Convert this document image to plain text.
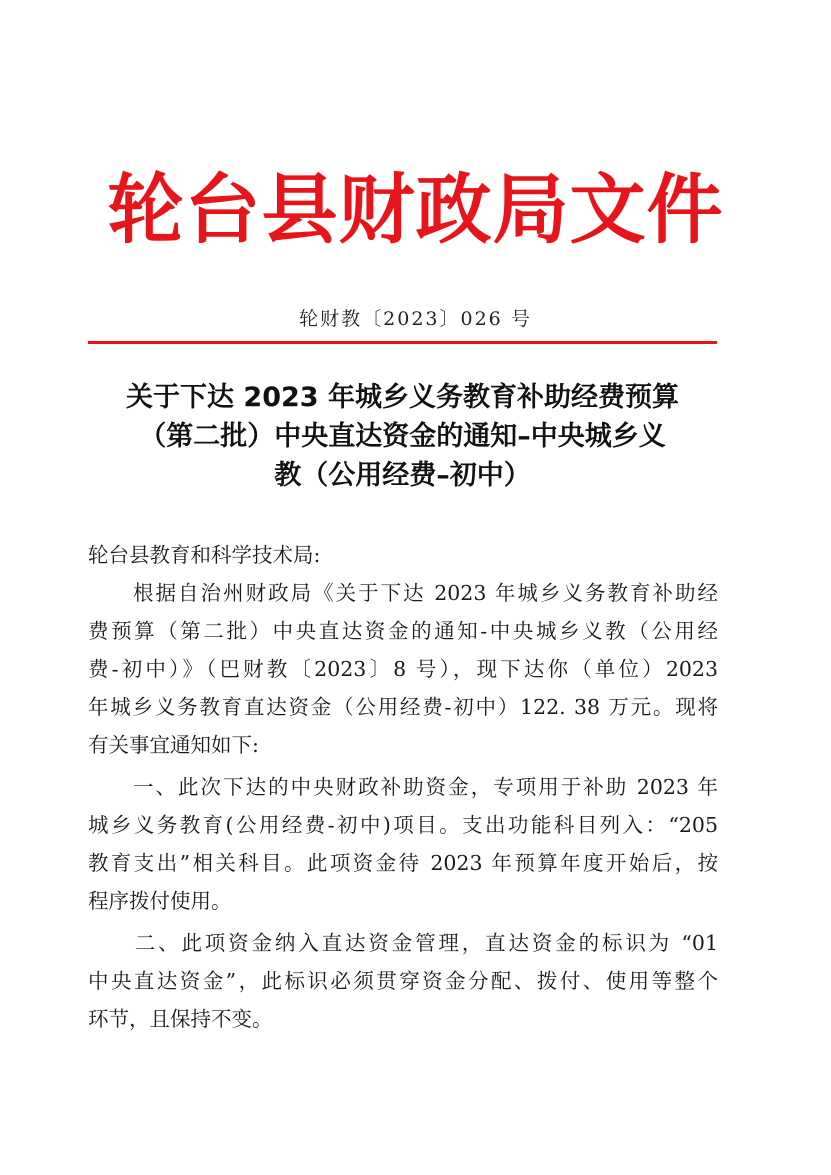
轮台县财政局文件
轮财教〔2023〕026 号
关于下达 2023 年城乡义务教育补助经费预算
（第二批）中央直达资金的通知–中央城乡义
教（公用经费–初中）
轮台县教育和科学技术局:
　　根据自治州财政局《关于下达 2023 年城乡义务教育补助经
费预算（第二批）中央直达资金的通知-中央城乡义教（公用经
费-初中）》（巴财教〔2023〕8 号），现下达你（单位）2023
年城乡义务教育直达资金（公用经费-初中）122. 38 万元。现将
有关事宜通知如下:
　　一、此次下达的中央财政补助资金，专项用于补助 2023 年
城乡义务教育(公用经费-初中)项目。支出功能科目列入：“205
教育支出”相关科目。此项资金待 2023 年预算年度开始后，按
程序拨付使用。
　　二、此项资金纳入直达资金管理，直达资金的标识为 “01
中央直达资金”，此标识必须贯穿资金分配、拨付、使用等整个
环节，且保持不变。
